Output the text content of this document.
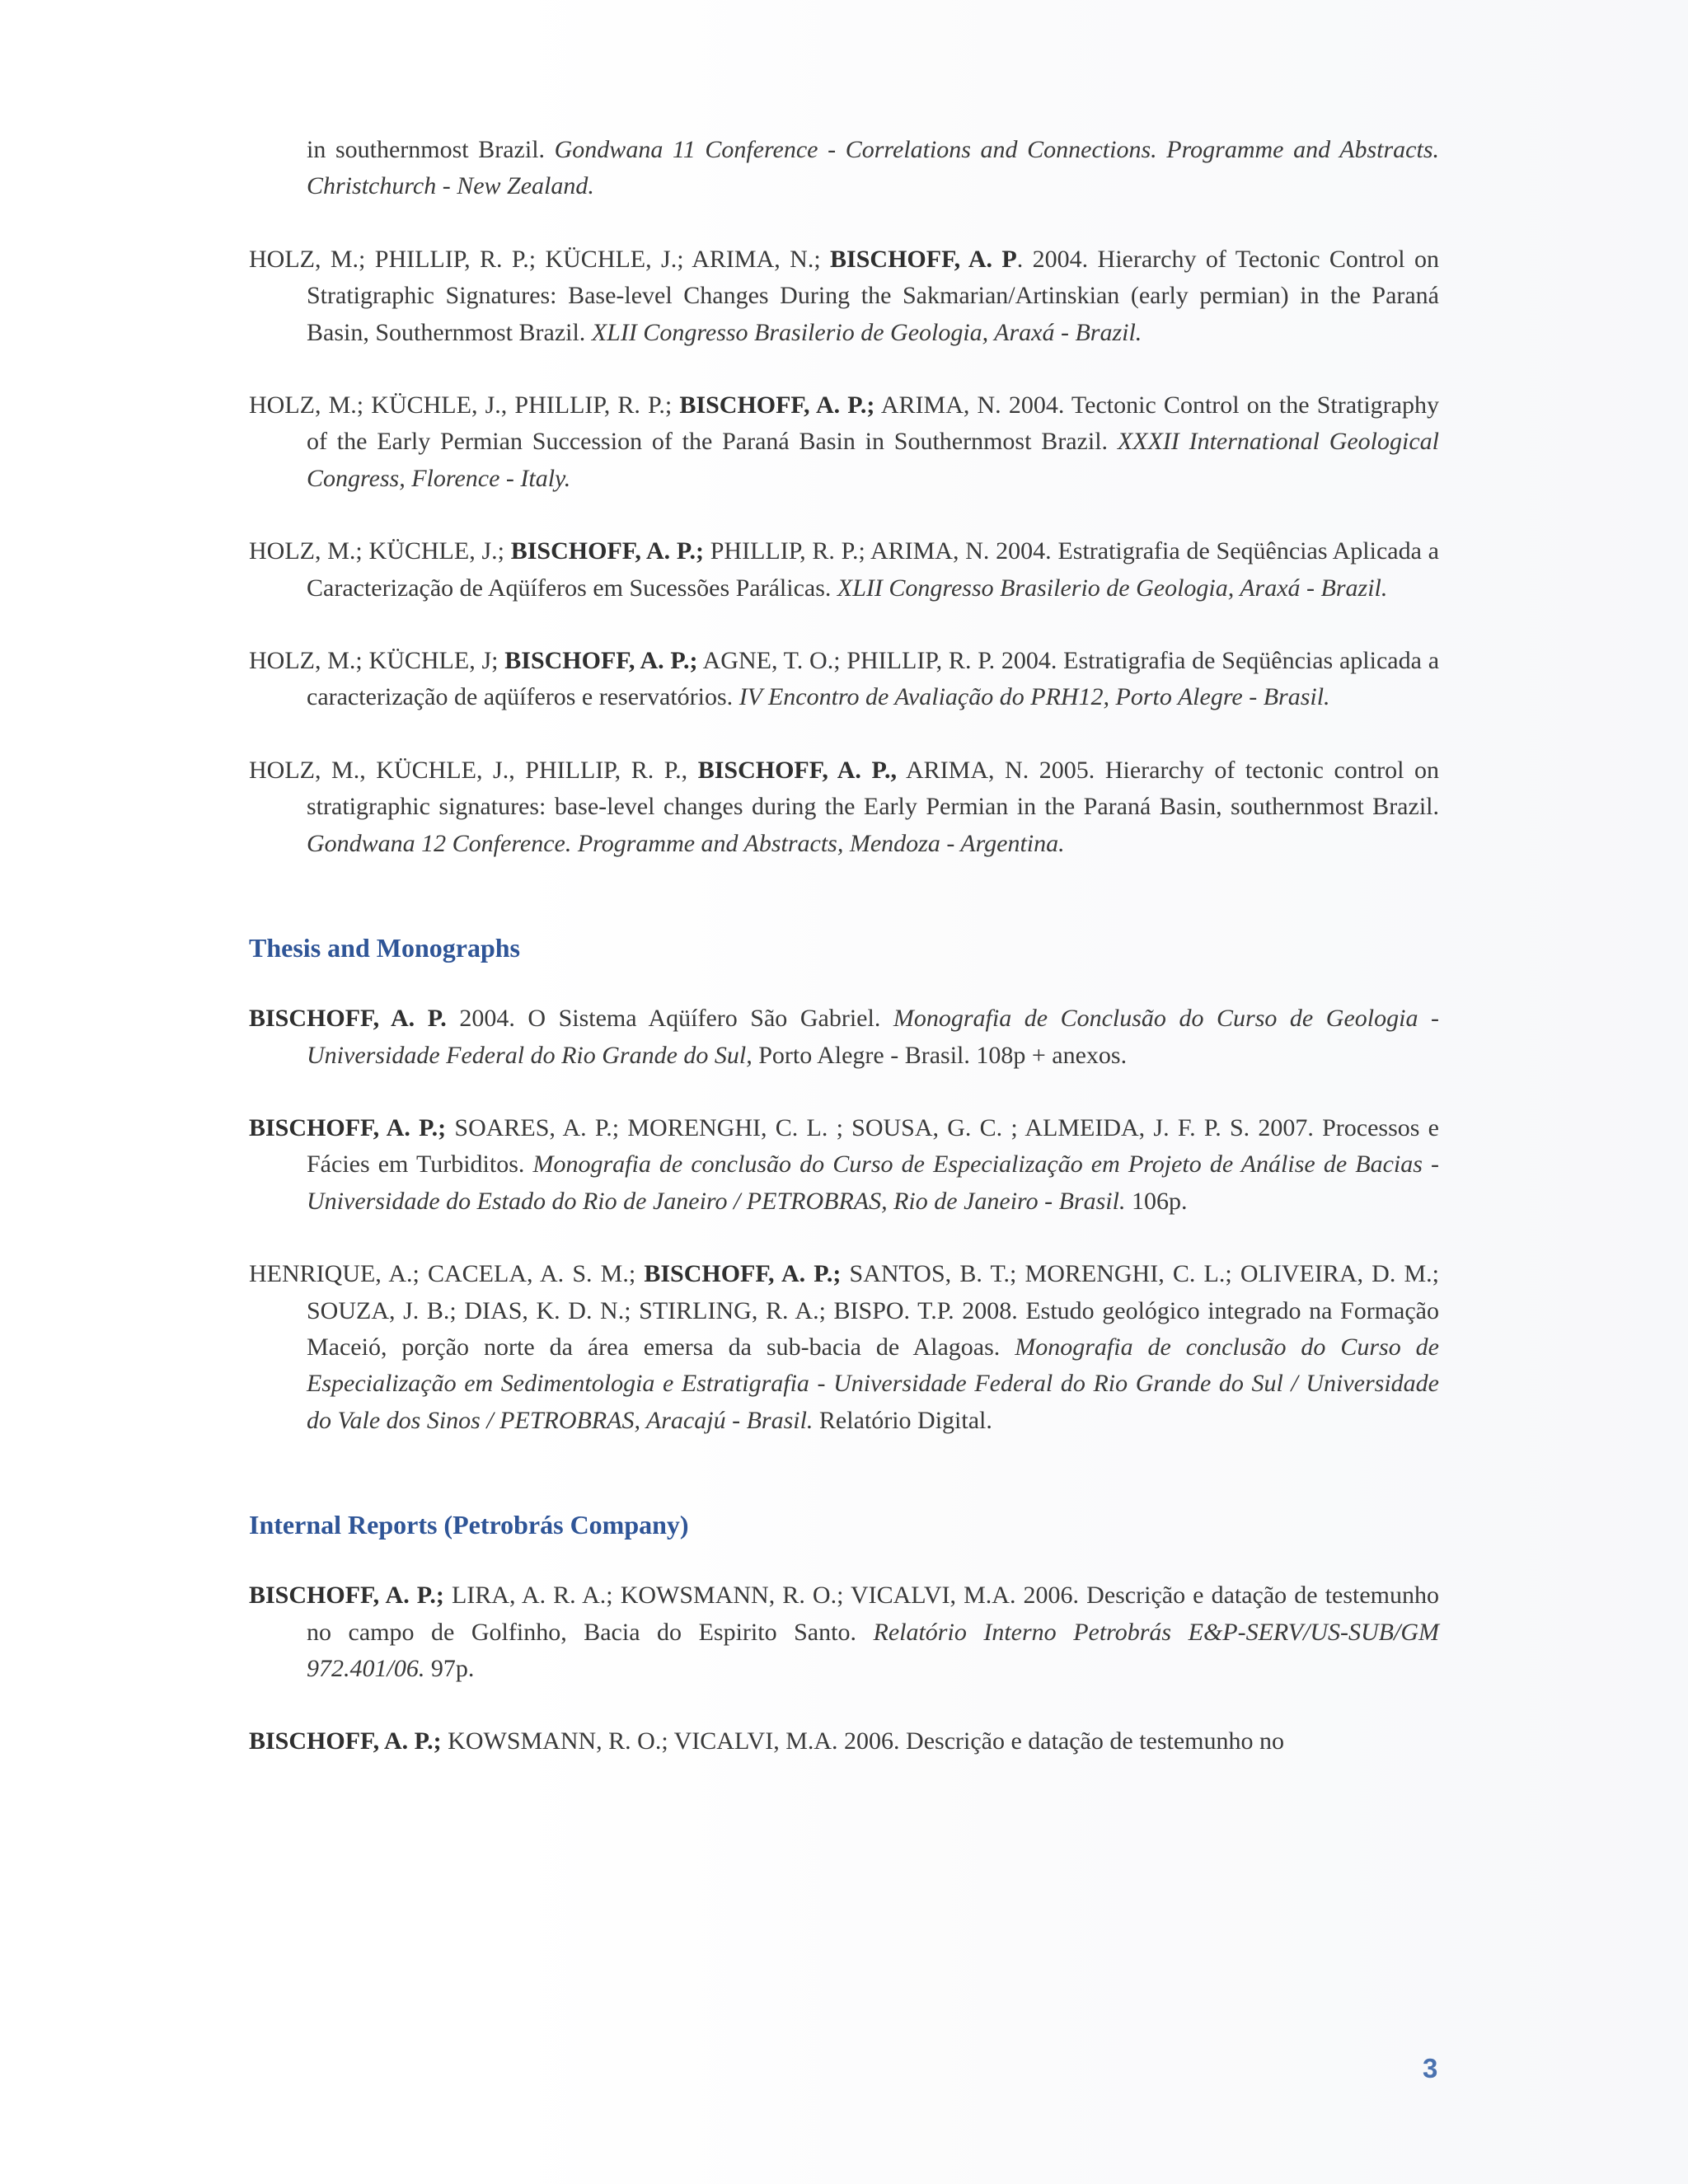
in southernmost Brazil. Gondwana 11 Conference - Correlations and Connections. Programme and Abstracts. Christchurch - New Zealand.

HOLZ, M.; PHILLIP, R. P.; KÜCHLE, J.; ARIMA, N.; BISCHOFF, A. P. 2004. Hierarchy of Tectonic Control on Stratigraphic Signatures: Base-level Changes During the Sakmarian/Artinskian (early permian) in the Paraná Basin, Southernmost Brazil. XLII Congresso Brasilerio de Geologia, Araxá - Brazil.

HOLZ, M.; KÜCHLE, J., PHILLIP, R. P.; BISCHOFF, A. P.; ARIMA, N. 2004. Tectonic Control on the Stratigraphy of the Early Permian Succession of the Paraná Basin in Southernmost Brazil. XXXII International Geological Congress, Florence - Italy.

HOLZ, M.; KÜCHLE, J.; BISCHOFF, A. P.; PHILLIP, R. P.; ARIMA, N. 2004. Estratigrafia de Seqüências Aplicada a Caracterização de Aqüíferos em Sucessões Parálicas. XLII Congresso Brasilerio de Geologia, Araxá - Brazil.

HOLZ, M.; KÜCHLE, J; BISCHOFF, A. P.; AGNE, T. O.; PHILLIP, R. P. 2004. Estratigrafia de Seqüências aplicada a caracterização de aqüíferos e reservatórios. IV Encontro de Avaliação do PRH12, Porto Alegre - Brasil.

HOLZ, M., KÜCHLE, J., PHILLIP, R. P., BISCHOFF, A. P., ARIMA, N. 2005. Hierarchy of tectonic control on stratigraphic signatures: base-level changes during the Early Permian in the Paraná Basin, southernmost Brazil. Gondwana 12 Conference. Programme and Abstracts, Mendoza - Argentina.

Thesis and Monographs

BISCHOFF, A. P. 2004. O Sistema Aqüífero São Gabriel. Monografia de Conclusão do Curso de Geologia - Universidade Federal do Rio Grande do Sul, Porto Alegre - Brasil. 108p + anexos.

BISCHOFF, A. P.; SOARES, A. P.; MORENGHI, C. L. ; SOUSA, G. C. ; ALMEIDA, J. F. P. S. 2007. Processos e Fácies em Turbiditos. Monografia de conclusão do Curso de Especialização em Projeto de Análise de Bacias - Universidade do Estado do Rio de Janeiro / PETROBRAS, Rio de Janeiro - Brasil. 106p.

HENRIQUE, A.; CACELA, A. S. M.; BISCHOFF, A. P.; SANTOS, B. T.; MORENGHI, C. L.; OLIVEIRA, D. M.; SOUZA, J. B.; DIAS, K. D. N.; STIRLING, R. A.; BISPO. T.P. 2008. Estudo geológico integrado na Formação Maceió, porção norte da área emersa da sub-bacia de Alagoas. Monografia de conclusão do Curso de Especialização em Sedimentologia e Estratigrafia - Universidade Federal do Rio Grande do Sul / Universidade do Vale dos Sinos / PETROBRAS, Aracajú - Brasil. Relatório Digital.

Internal Reports (Petrobrás Company)

BISCHOFF, A. P.; LIRA, A. R. A.; KOWSMANN, R. O.; VICALVI, M.A. 2006. Descrição e datação de testemunho no campo de Golfinho, Bacia do Espirito Santo. Relatório Interno Petrobrás E&P-SERV/US-SUB/GM 972.401/06. 97p.

BISCHOFF, A. P.; KOWSMANN, R. O.; VICALVI, M.A. 2006. Descrição e datação de testemunho no

3
